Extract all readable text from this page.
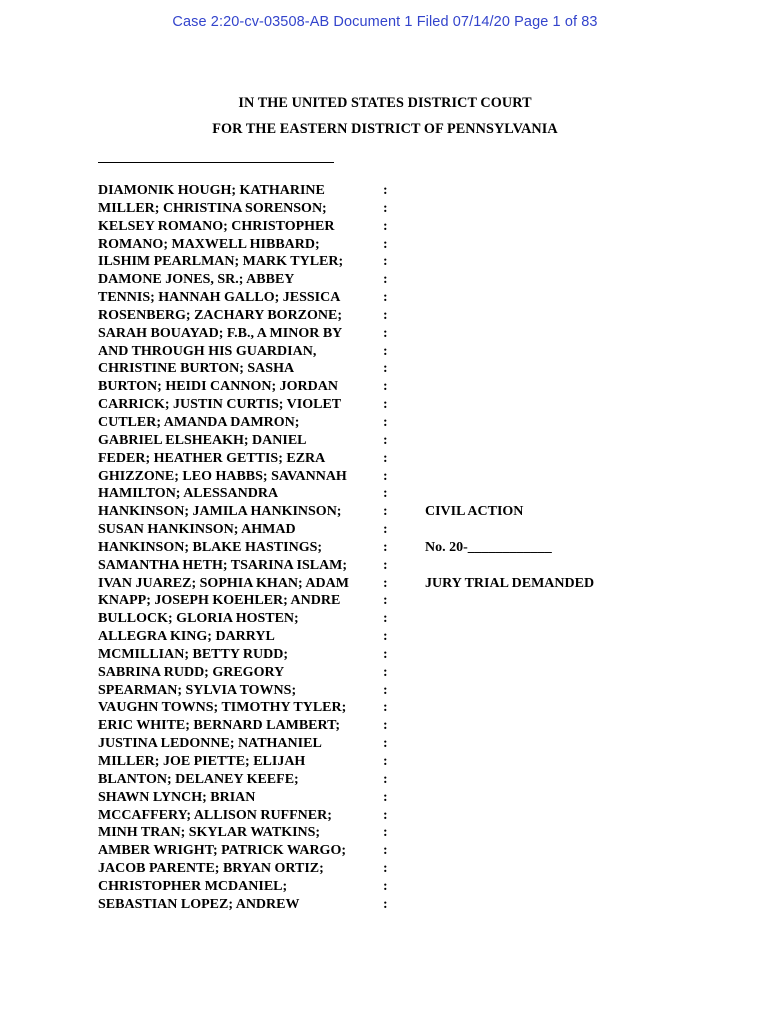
Case 2:20-cv-03508-AB Document 1 Filed 07/14/20 Page 1 of 83
IN THE UNITED STATES DISTRICT COURT
FOR THE EASTERN DISTRICT OF PENNSYLVANIA
DIAMONIK HOUGH; KATHARINE
MILLER; CHRISTINA SORENSON;
KELSEY ROMANO; CHRISTOPHER
ROMANO; MAXWELL HIBBARD;
ILSHIM PEARLMAN; MARK TYLER;
DAMONE JONES, SR.; ABBEY
TENNIS; HANNAH GALLO; JESSICA
ROSENBERG; ZACHARY BORZONE;
SARAH BOUAYAD; F.B., A MINOR BY
AND THROUGH HIS GUARDIAN,
CHRISTINE BURTON; SASHA
BURTON; HEIDI CANNON; JORDAN
CARRICK; JUSTIN CURTIS; VIOLET
CUTLER; AMANDA DAMRON;
GABRIEL ELSHEAKH; DANIEL
FEDER; HEATHER GETTIS; EZRA
GHIZZONE; LEO HABBS; SAVANNAH
HAMILTON; ALESSANDRA
HANKINSON; JAMILA HANKINSON;
SUSAN HANKINSON; AHMAD
HANKINSON; BLAKE HASTINGS;
SAMANTHA HETH; TSARINA ISLAM;
IVAN JUAREZ; SOPHIA KHAN; ADAM
KNAPP; JOSEPH KOEHLER; ANDRE
BULLOCK; GLORIA HOSTEN;
ALLEGRA KING; DARRYL
MCMILLIAN; BETTY RUDD;
SABRINA RUDD; GREGORY
SPEARMAN; SYLVIA TOWNS;
VAUGHN TOWNS; TIMOTHY TYLER;
ERIC WHITE; BERNARD LAMBERT;
JUSTINA LEDONNE; NATHANIEL
MILLER; JOE PIETTE; ELIJAH
BLANTON; DELANEY KEEFE;
SHAWN LYNCH; BRIAN
MCCAFFERY; ALLISON RUFFNER;
MINH TRAN; SKYLAR WATKINS;
AMBER WRIGHT; PATRICK WARGO;
JACOB PARENTE; BRYAN ORTIZ;
CHRISTOPHER MCDANIEL;
SEBASTIAN LOPEZ; ANDREW
:
:
:
:
:
:
:
:
:
:
:
:
:
:
:
:
:
:
:
:
:
:
:
:
:
:
:
:
:
:
:
:
:
:
:
:
:
:
:
:
:
CIVIL ACTION
No. 20-____________
JURY TRIAL DEMANDED
